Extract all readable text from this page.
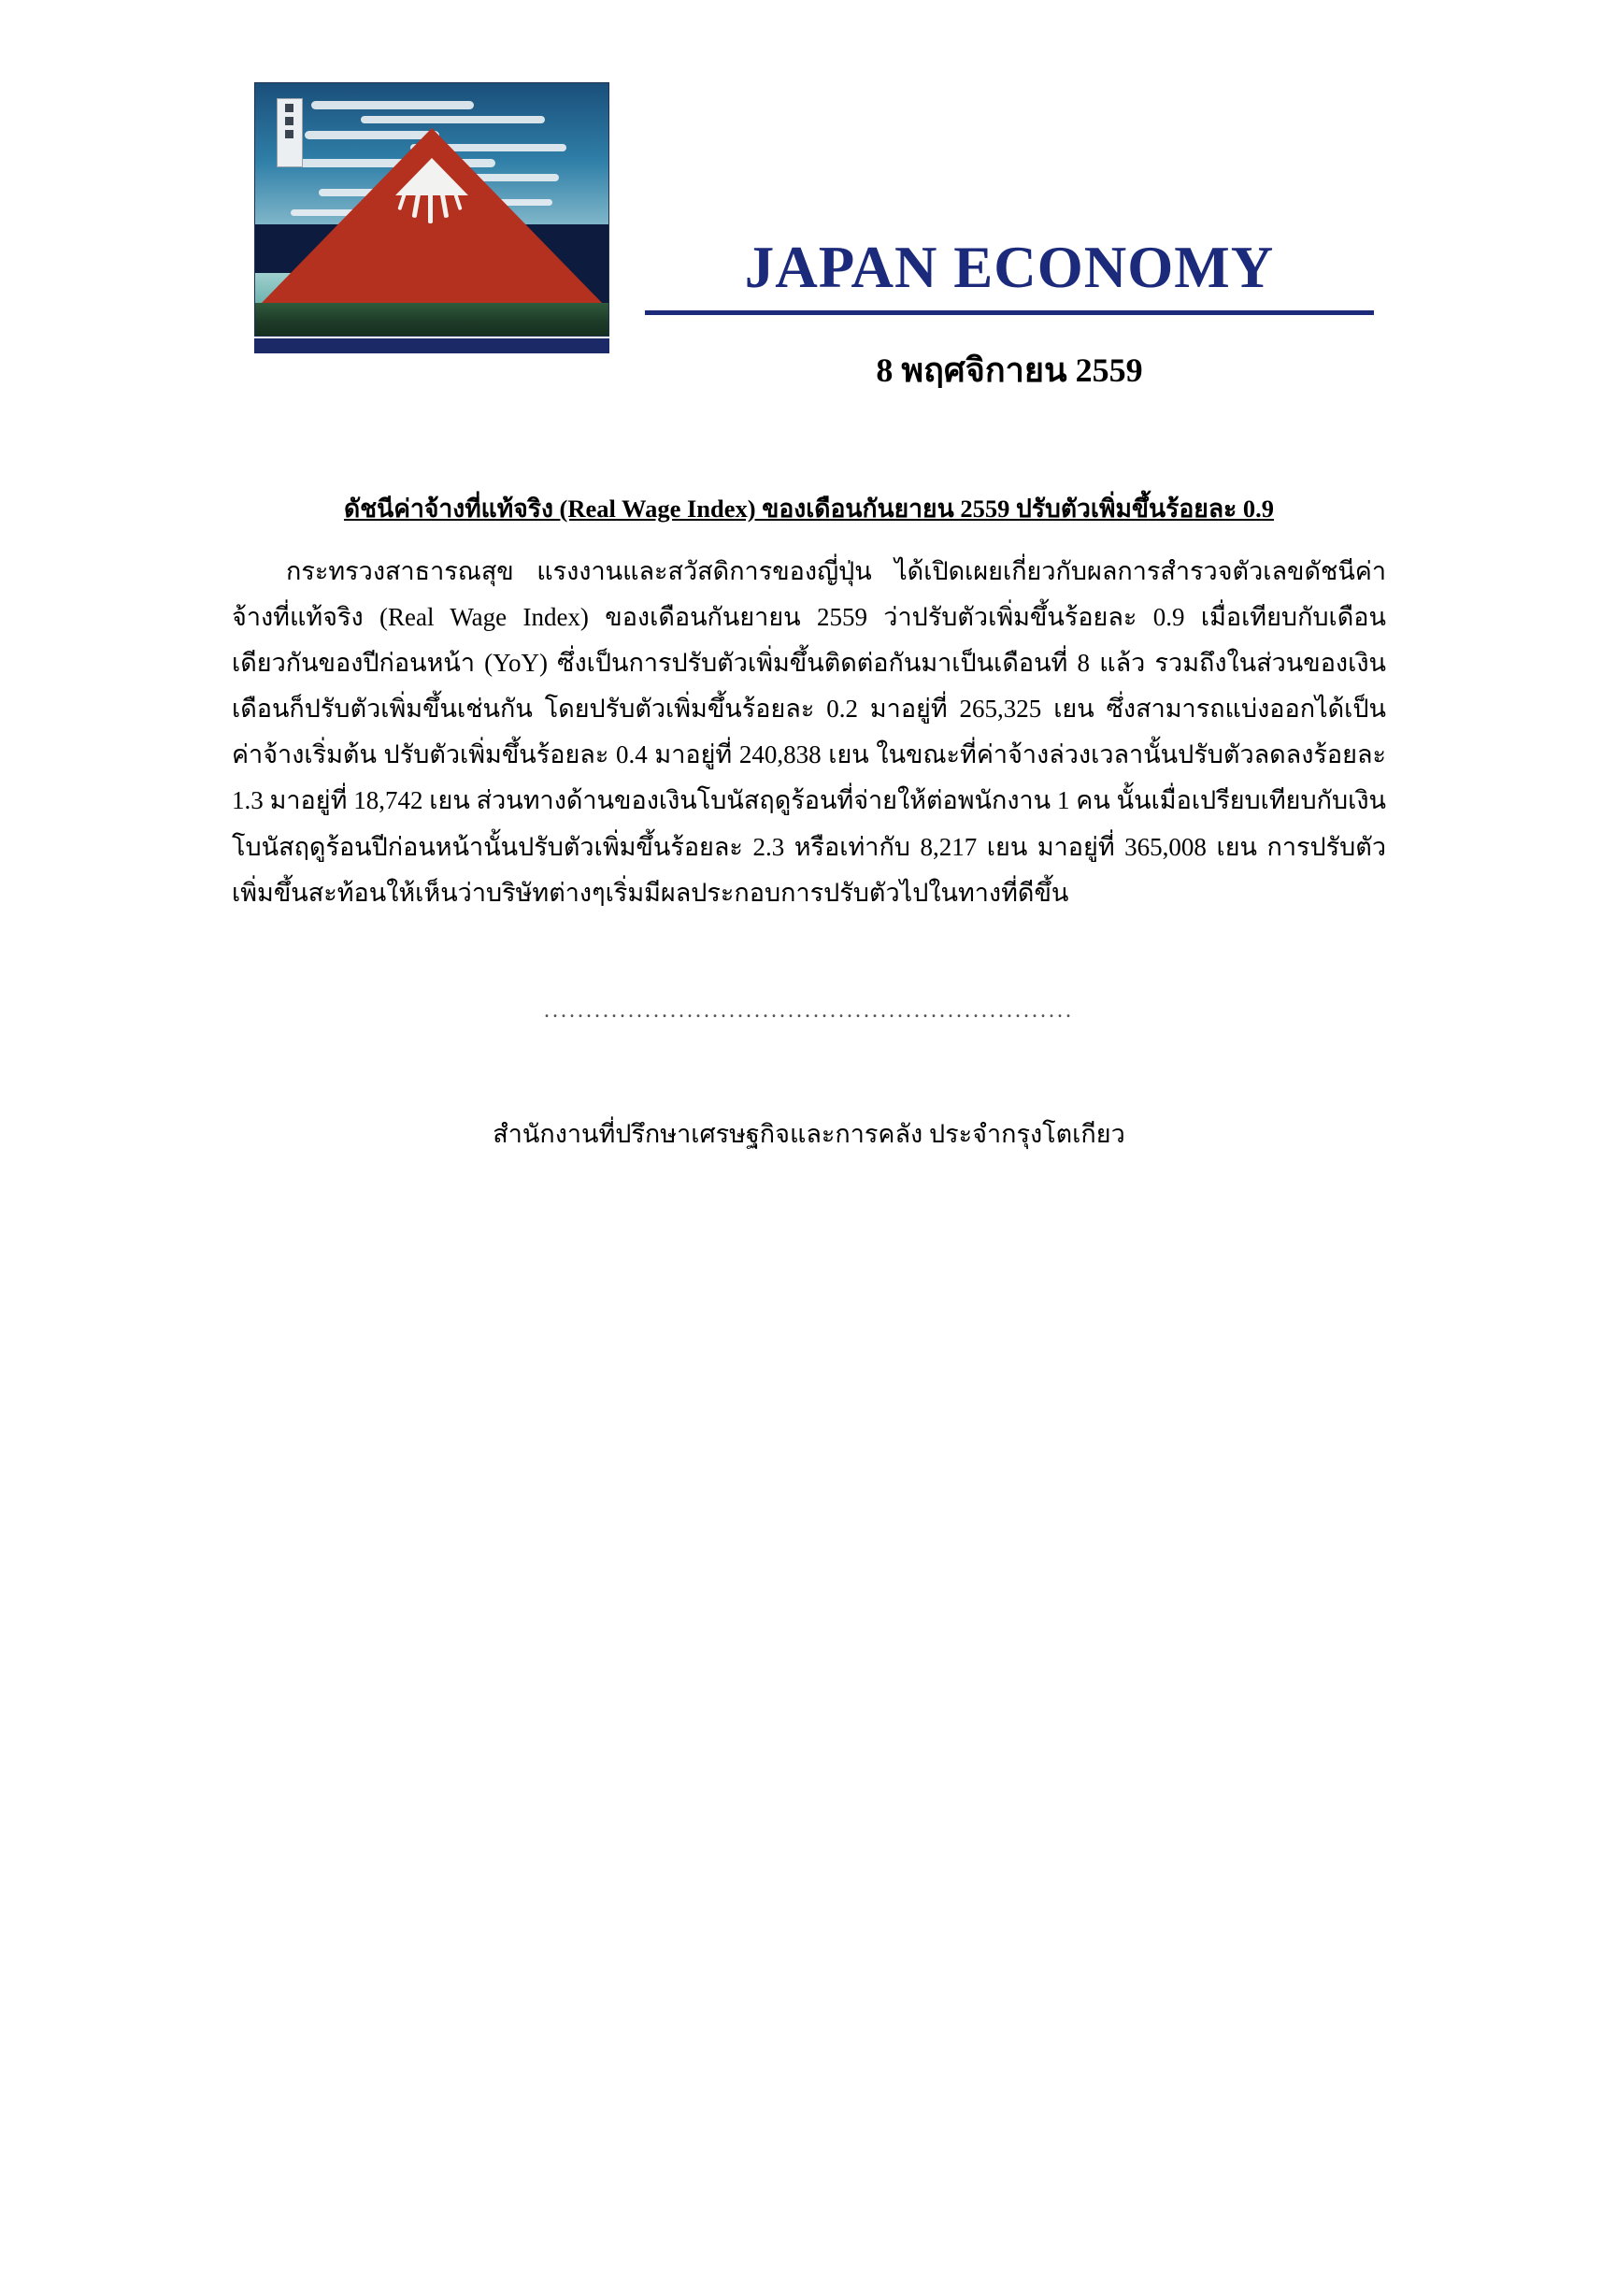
JAPAN ECONOMY
8 พฤศจิกายน 2559
ดัชนีค่าจ้างที่แท้จริง (Real Wage Index) ของเดือนกันยายน 2559 ปรับตัวเพิ่มขึ้นร้อยละ 0.9

กระทรวงสาธารณสุข แรงงานและสวัสดิการของญี่ปุ่น ได้เปิดเผยเกี่ยวกับผลการสำรวจตัวเลขดัชนีค่าจ้างที่แท้จริง (Real Wage Index) ของเดือนกันยายน 2559 ว่าปรับตัวเพิ่มขึ้นร้อยละ 0.9 เมื่อเทียบกับเดือนเดียวกันของปีก่อนหน้า (YoY) ซึ่งเป็นการปรับตัวเพิ่มขึ้นติดต่อกันมาเป็นเดือนที่ 8 แล้ว รวมถึงในส่วนของเงินเดือนก็ปรับตัวเพิ่มขึ้นเช่นกัน โดยปรับตัวเพิ่มขึ้นร้อยละ 0.2 มาอยู่ที่ 265,325 เยน ซึ่งสามารถแบ่งออกได้เป็น ค่าจ้างเริ่มต้น ปรับตัวเพิ่มขึ้นร้อยละ 0.4 มาอยู่ที่ 240,838 เยน ในขณะที่ค่าจ้างล่วงเวลานั้นปรับตัวลดลงร้อยละ 1.3 มาอยู่ที่ 18,742 เยน ส่วนทางด้านของเงินโบนัสฤดูร้อนที่จ่ายให้ต่อพนักงาน 1 คน นั้นเมื่อเปรียบเทียบกับเงินโบนัสฤดูร้อนปีก่อนหน้านั้นปรับตัวเพิ่มขึ้นร้อยละ 2.3 หรือเท่ากับ 8,217 เยน มาอยู่ที่ 365,008 เยน การปรับตัวเพิ่มขึ้นสะท้อนให้เห็นว่าบริษัทต่างๆเริ่มมีผลประกอบการปรับตัวไปในทางที่ดีขึ้น

...............................................................
สำนักงานที่ปรึกษาเศรษฐกิจและการคลัง ประจำกรุงโตเกียว
